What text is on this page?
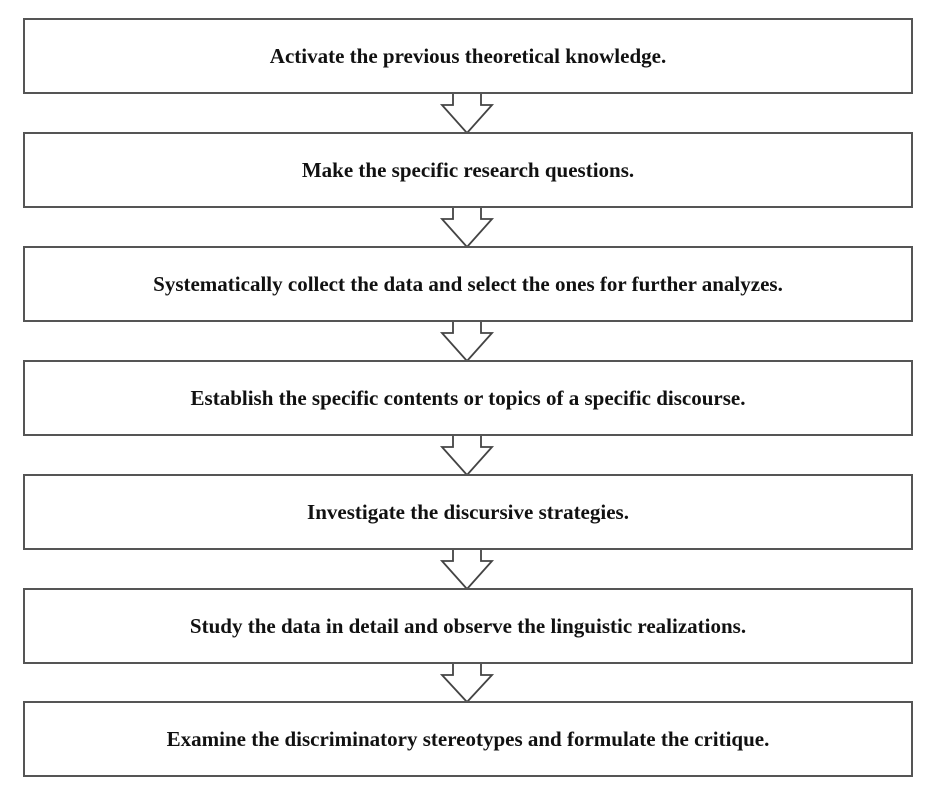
Activate the previous theoretical knowledge.
Make the specific research questions.
Systematically collect the data and select the ones for further analyzes.
Establish the specific contents or topics of a specific discourse.
Investigate the discursive strategies.
Study the data in detail and observe the linguistic realizations.
Examine the discriminatory stereotypes and formulate the critique.
